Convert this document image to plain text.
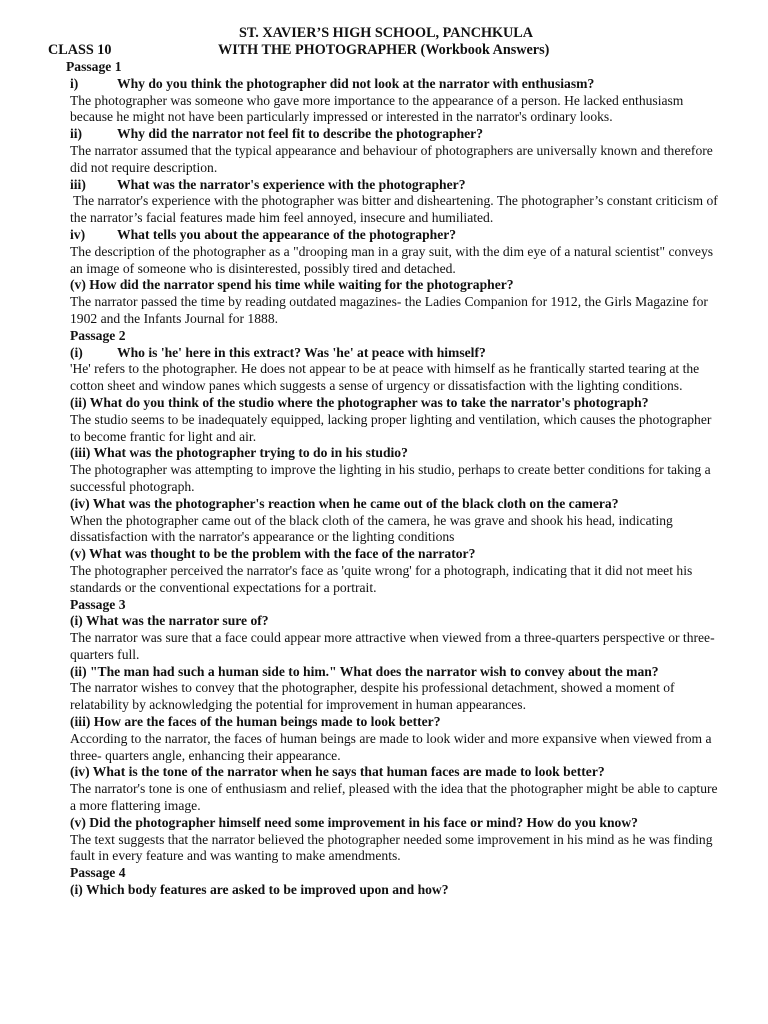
ST. XAVIER’S HIGH SCHOOL, PANCHKULA
CLASS 10	WITH THE PHOTOGRAPHER (Workbook Answers)
Passage 1
i)	Why do you think the photographer did not look at the narrator with enthusiasm?
The photographer was someone who gave more importance to the appearance of a person. He lacked enthusiasm because he might not have been particularly impressed or interested in the narrator's ordinary looks.
ii)	Why did the narrator not feel fit to describe the photographer?
The narrator assumed that the typical appearance and behaviour of photographers are universally known and therefore did not require description.
iii) What was the narrator's experience with the photographer?
The narrator's experience with the photographer was bitter and disheartening. The photographer’s constant criticism of the narrator’s facial features made him feel annoyed, insecure and humiliated.
iv) What tells you about the appearance of the photographer?
The description of the photographer as a "drooping man in a gray suit, with the dim eye of a natural scientist" conveys an image of someone who is disinterested, possibly tired and detached.
(v) How did the narrator spend his time while waiting for the photographer?
The narrator passed the time by reading outdated magazines- the Ladies Companion for 1912, the Girls Magazine for 1902 and the Infants Journal for 1888.
Passage 2
(i)	Who is 'he' here in this extract? Was 'he' at peace with himself?
'He' refers to the photographer. He does not appear to be at peace with himself as he frantically started tearing at the cotton sheet and window panes which suggests a sense of urgency or dissatisfaction with the lighting conditions.
(ii) What do you think of the studio where the photographer was to take the narrator's photograph?
The studio seems to be inadequately equipped, lacking proper lighting and ventilation, which causes the photographer to become frantic for light and air.
(iii) What was the photographer trying to do in his studio?
The photographer was attempting to improve the lighting in his studio, perhaps to create better conditions for taking a successful photograph.
(iv) What was the photographer's reaction when he came out of the black cloth on the camera?
When the photographer came out of the black cloth of the camera, he was grave and shook his head, indicating dissatisfaction with the narrator's appearance or the lighting conditions
(v) What was thought to be the problem with the face of the narrator?
The photographer perceived the narrator's face as 'quite wrong' for a photograph, indicating that it did not meet his standards or the conventional expectations for a portrait.
Passage 3
(i) What was the narrator sure of?
The narrator was sure that a face could appear more attractive when viewed from a three-quarters perspective or three-quarters full.
(ii) "The man had such a human side to him." What does the narrator wish to convey about the man?
The narrator wishes to convey that the photographer, despite his professional detachment, showed a moment of relatability by acknowledging the potential for improvement in human appearances.
(iii) How are the faces of the human beings made to look better?
According to the narrator, the faces of human beings are made to look wider and more expansive when viewed from a three- quarters angle, enhancing their appearance.
(iv) What is the tone of the narrator when he says that human faces are made to look better?
The narrator's tone is one of enthusiasm and relief, pleased with the idea that the photographer might be able to capture a more flattering image.
(v) Did the photographer himself need some improvement in his face or mind? How do you know?
The text suggests that the narrator believed the photographer needed some improvement in his mind as he was finding fault in every feature and was wanting to make amendments.
Passage 4
(i) Which body features are asked to be improved upon and how?
